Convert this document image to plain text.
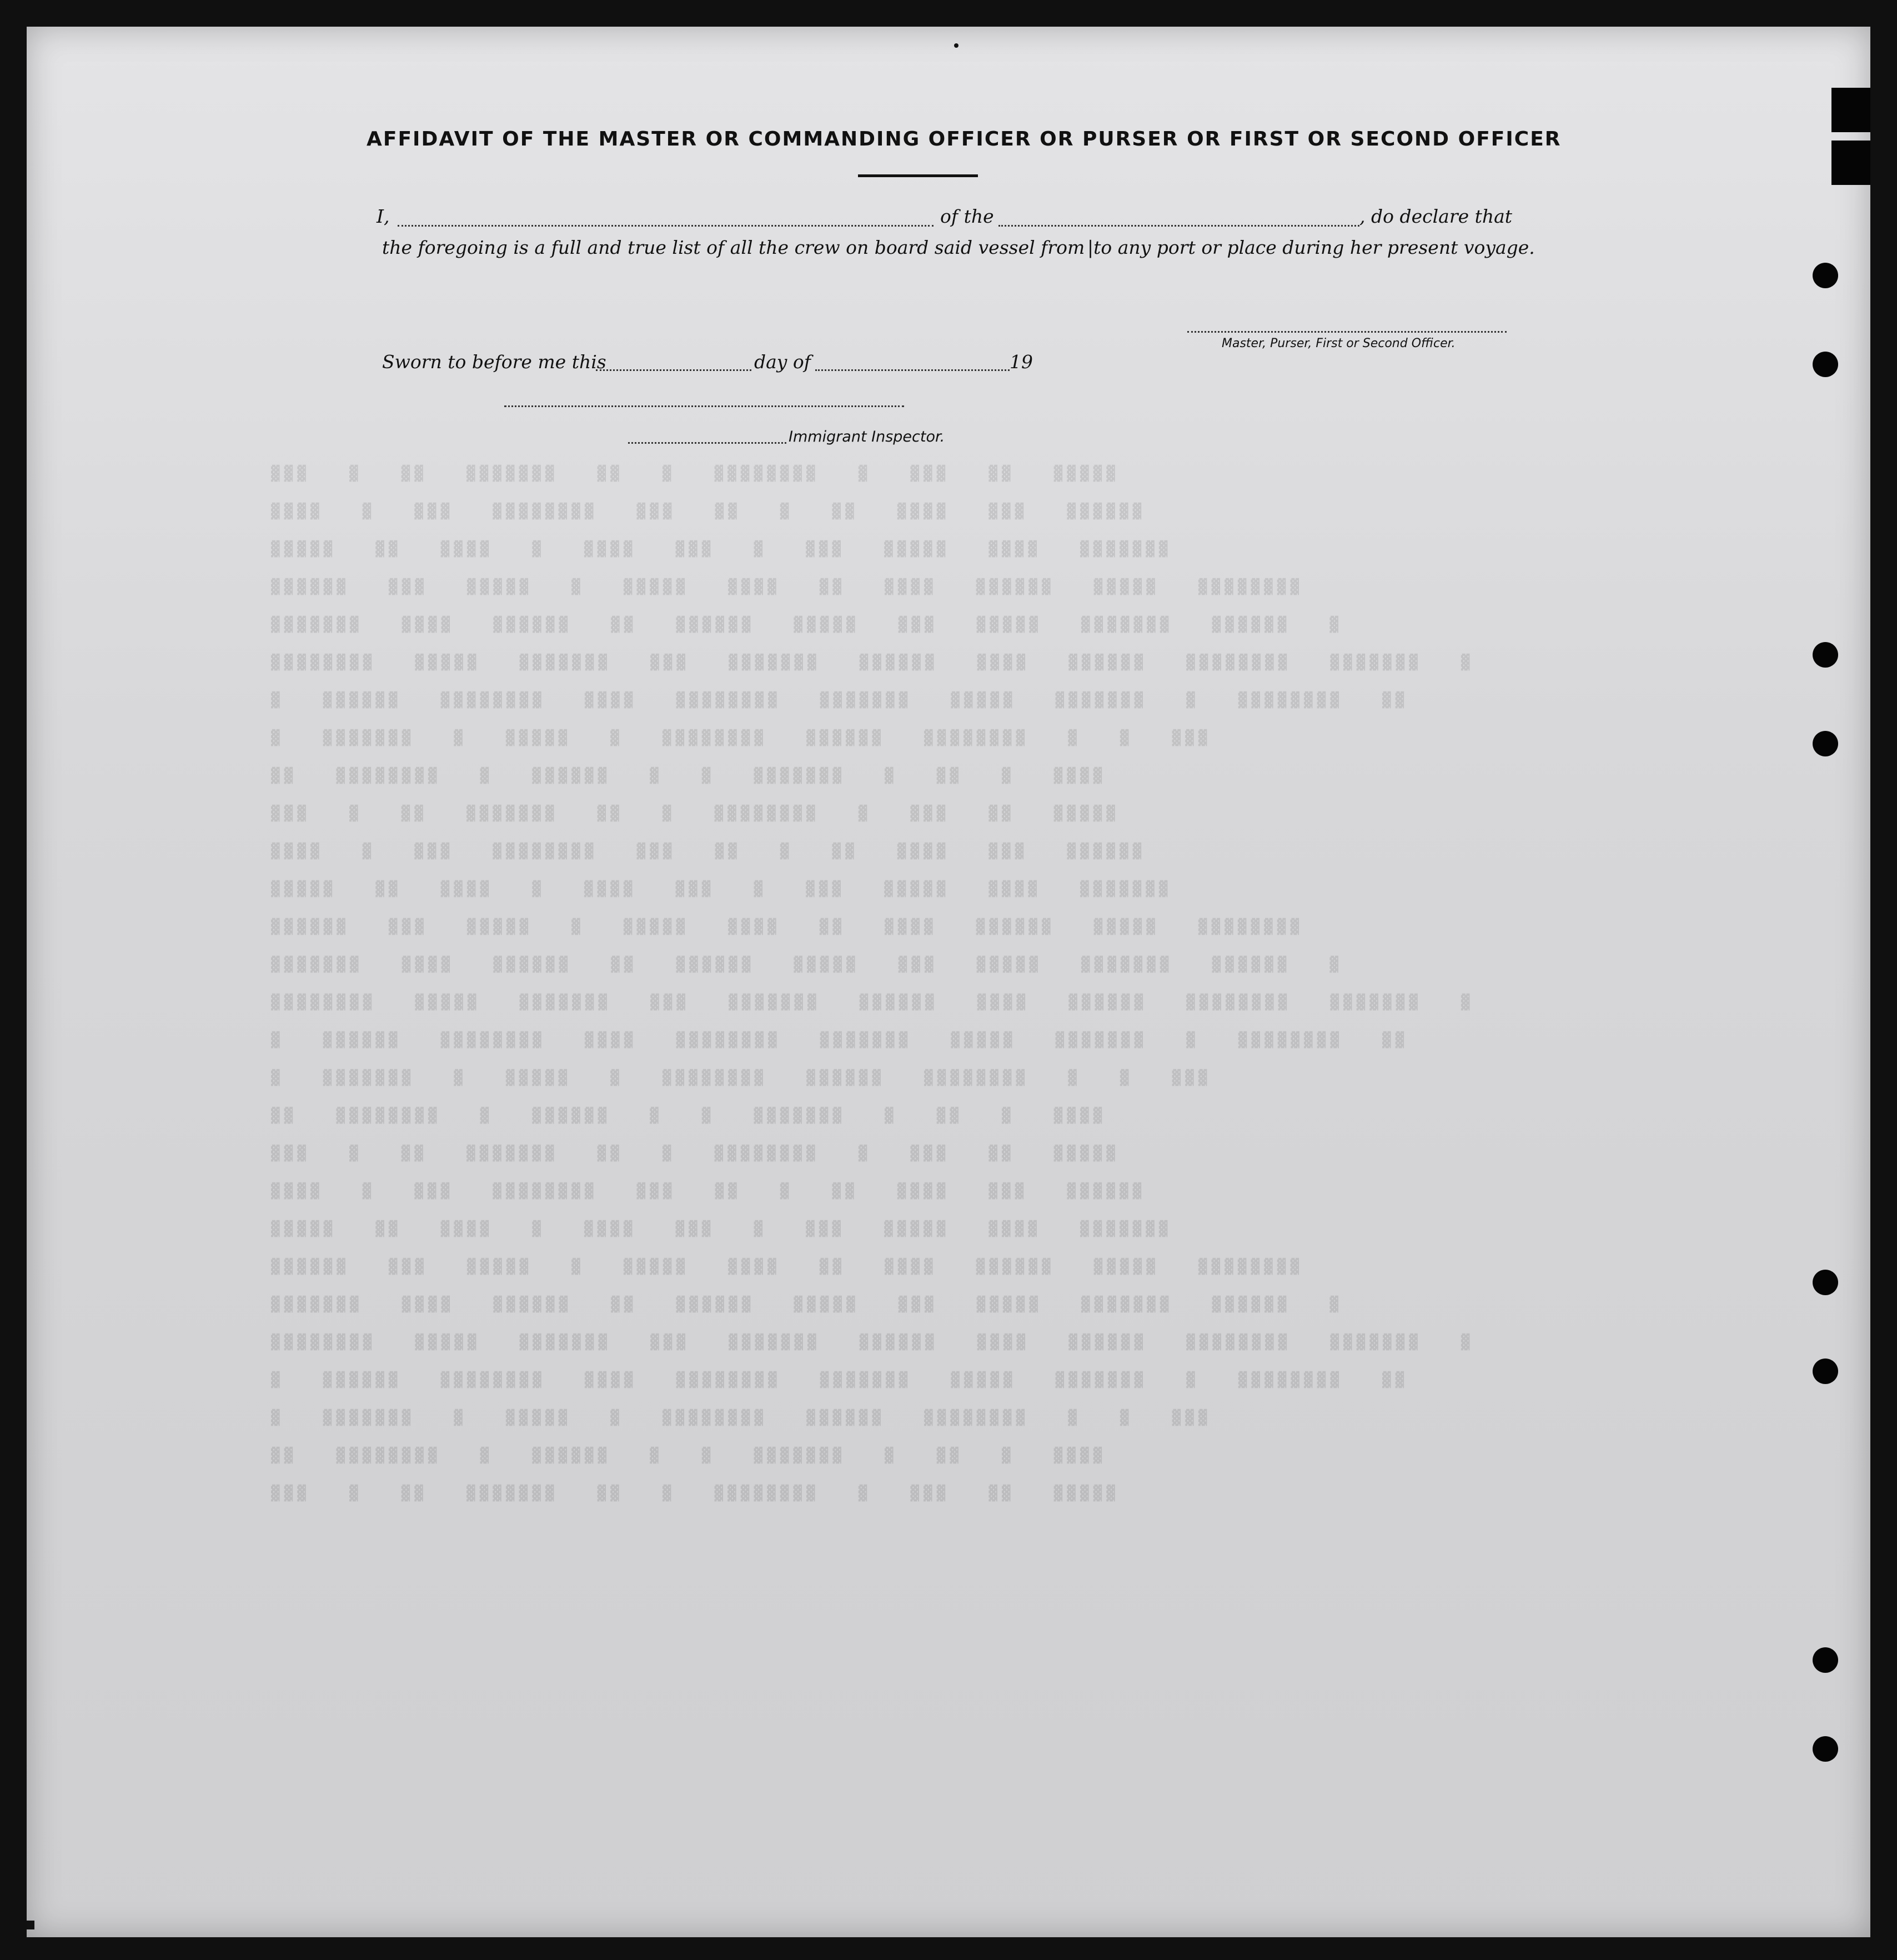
▓▓▓	▓	▓▓	▓▓▓▓▓▓▓	▓▓	▓	▓▓▓▓▓▓▓▓	▓	▓▓▓	▓▓	▓▓▓▓▓
▓▓▓▓	▓	▓▓▓	▓▓▓▓▓▓▓▓	▓▓▓	▓▓	▓	▓▓	▓▓▓▓	▓▓▓	▓▓▓▓▓▓
▓▓▓▓▓	▓▓	▓▓▓▓	▓	▓▓▓▓	▓▓▓	▓	▓▓▓	▓▓▓▓▓	▓▓▓▓	▓▓▓▓▓▓▓
▓▓▓▓▓▓	▓▓▓	▓▓▓▓▓	▓	▓▓▓▓▓	▓▓▓▓	▓▓	▓▓▓▓	▓▓▓▓▓▓	▓▓▓▓▓	▓▓▓▓▓▓▓▓
▓▓▓▓▓▓▓	▓▓▓▓	▓▓▓▓▓▓	▓▓	▓▓▓▓▓▓	▓▓▓▓▓	▓▓▓	▓▓▓▓▓	▓▓▓▓▓▓▓	▓▓▓▓▓▓	▓
▓▓▓▓▓▓▓▓	▓▓▓▓▓	▓▓▓▓▓▓▓	▓▓▓	▓▓▓▓▓▓▓	▓▓▓▓▓▓	▓▓▓▓	▓▓▓▓▓▓	▓▓▓▓▓▓▓▓	▓▓▓▓▓▓▓	▓
▓	▓▓▓▓▓▓	▓▓▓▓▓▓▓▓	▓▓▓▓	▓▓▓▓▓▓▓▓	▓▓▓▓▓▓▓	▓▓▓▓▓	▓▓▓▓▓▓▓	▓	▓▓▓▓▓▓▓▓	▓▓
▓	▓▓▓▓▓▓▓	▓	▓▓▓▓▓	▓	▓▓▓▓▓▓▓▓	▓▓▓▓▓▓	▓▓▓▓▓▓▓▓	▓	▓	▓▓▓
▓▓	▓▓▓▓▓▓▓▓	▓	▓▓▓▓▓▓	▓	▓	▓▓▓▓▓▓▓	▓	▓▓	▓	▓▓▓▓
▓▓▓	▓	▓▓	▓▓▓▓▓▓▓	▓▓	▓	▓▓▓▓▓▓▓▓	▓	▓▓▓	▓▓	▓▓▓▓▓
▓▓▓▓	▓	▓▓▓	▓▓▓▓▓▓▓▓	▓▓▓	▓▓	▓	▓▓	▓▓▓▓	▓▓▓	▓▓▓▓▓▓
▓▓▓▓▓	▓▓	▓▓▓▓	▓	▓▓▓▓	▓▓▓	▓	▓▓▓	▓▓▓▓▓	▓▓▓▓	▓▓▓▓▓▓▓
▓▓▓▓▓▓	▓▓▓	▓▓▓▓▓	▓	▓▓▓▓▓	▓▓▓▓	▓▓	▓▓▓▓	▓▓▓▓▓▓	▓▓▓▓▓	▓▓▓▓▓▓▓▓
▓▓▓▓▓▓▓	▓▓▓▓	▓▓▓▓▓▓	▓▓	▓▓▓▓▓▓	▓▓▓▓▓	▓▓▓	▓▓▓▓▓	▓▓▓▓▓▓▓	▓▓▓▓▓▓	▓
▓▓▓▓▓▓▓▓	▓▓▓▓▓	▓▓▓▓▓▓▓	▓▓▓	▓▓▓▓▓▓▓	▓▓▓▓▓▓	▓▓▓▓	▓▓▓▓▓▓	▓▓▓▓▓▓▓▓	▓▓▓▓▓▓▓	▓
▓	▓▓▓▓▓▓	▓▓▓▓▓▓▓▓	▓▓▓▓	▓▓▓▓▓▓▓▓	▓▓▓▓▓▓▓	▓▓▓▓▓	▓▓▓▓▓▓▓	▓	▓▓▓▓▓▓▓▓	▓▓
▓	▓▓▓▓▓▓▓	▓	▓▓▓▓▓	▓	▓▓▓▓▓▓▓▓	▓▓▓▓▓▓	▓▓▓▓▓▓▓▓	▓	▓	▓▓▓
▓▓	▓▓▓▓▓▓▓▓	▓	▓▓▓▓▓▓	▓	▓	▓▓▓▓▓▓▓	▓	▓▓	▓	▓▓▓▓
▓▓▓	▓	▓▓	▓▓▓▓▓▓▓	▓▓	▓	▓▓▓▓▓▓▓▓	▓	▓▓▓	▓▓	▓▓▓▓▓
▓▓▓▓	▓	▓▓▓	▓▓▓▓▓▓▓▓	▓▓▓	▓▓	▓	▓▓	▓▓▓▓	▓▓▓	▓▓▓▓▓▓
▓▓▓▓▓	▓▓	▓▓▓▓	▓	▓▓▓▓	▓▓▓	▓	▓▓▓	▓▓▓▓▓	▓▓▓▓	▓▓▓▓▓▓▓
▓▓▓▓▓▓	▓▓▓	▓▓▓▓▓	▓	▓▓▓▓▓	▓▓▓▓	▓▓	▓▓▓▓	▓▓▓▓▓▓	▓▓▓▓▓	▓▓▓▓▓▓▓▓
▓▓▓▓▓▓▓	▓▓▓▓	▓▓▓▓▓▓	▓▓	▓▓▓▓▓▓	▓▓▓▓▓	▓▓▓	▓▓▓▓▓	▓▓▓▓▓▓▓	▓▓▓▓▓▓	▓
▓▓▓▓▓▓▓▓	▓▓▓▓▓	▓▓▓▓▓▓▓	▓▓▓	▓▓▓▓▓▓▓	▓▓▓▓▓▓	▓▓▓▓	▓▓▓▓▓▓	▓▓▓▓▓▓▓▓	▓▓▓▓▓▓▓	▓
▓	▓▓▓▓▓▓	▓▓▓▓▓▓▓▓	▓▓▓▓	▓▓▓▓▓▓▓▓	▓▓▓▓▓▓▓	▓▓▓▓▓	▓▓▓▓▓▓▓	▓	▓▓▓▓▓▓▓▓	▓▓
▓	▓▓▓▓▓▓▓	▓	▓▓▓▓▓	▓	▓▓▓▓▓▓▓▓	▓▓▓▓▓▓	▓▓▓▓▓▓▓▓	▓	▓	▓▓▓
▓▓	▓▓▓▓▓▓▓▓	▓	▓▓▓▓▓▓	▓	▓	▓▓▓▓▓▓▓	▓	▓▓	▓	▓▓▓▓
▓▓▓	▓	▓▓	▓▓▓▓▓▓▓	▓▓	▓	▓▓▓▓▓▓▓▓	▓	▓▓▓	▓▓	▓▓▓▓▓
AFFIDAVIT OF THE MASTER OR COMMANDING OFFICER OR PURSER OR FIRST OR SECOND OFFICER
I,	of the	, do declare that
the foregoing is a full and true list of all the crew on board said vessel from |to any port or place during her present voyage.
Master, Purser, First or Second Officer.
Sworn to before me this	day of	19
Immigrant Inspector.
